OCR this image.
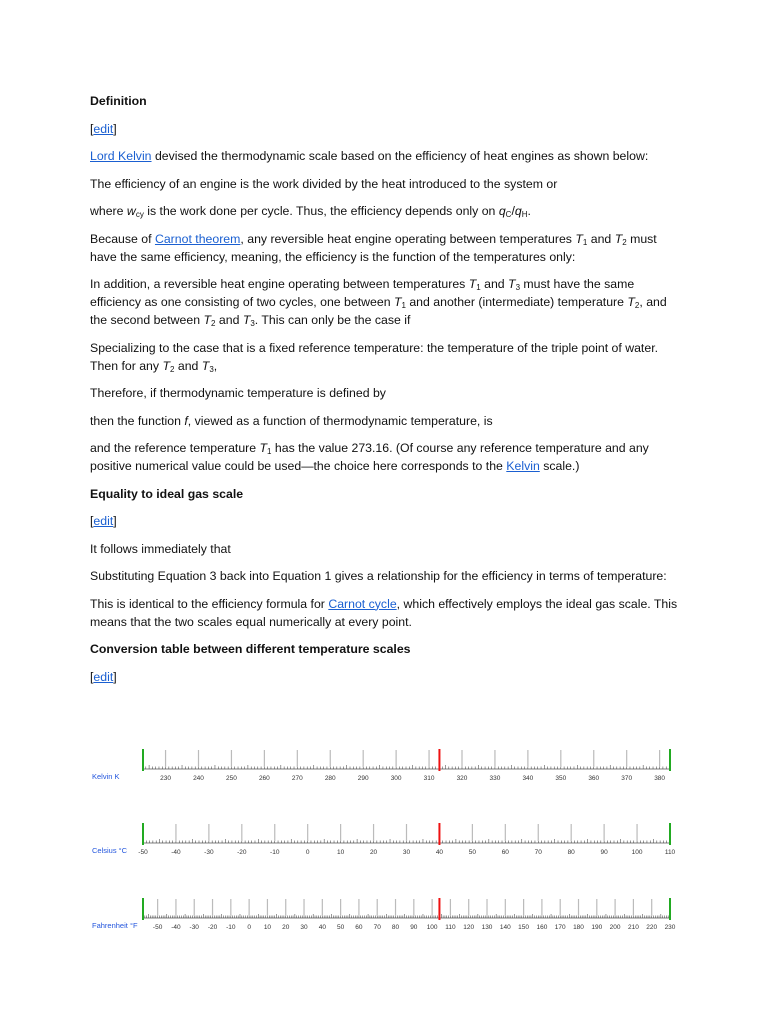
Definition

[edit]

Lord Kelvin devised the thermodynamic scale based on the efficiency of heat engines as shown below:

The efficiency of an engine is the work divided by the heat introduced to the system or

where $w_{cy}$ is the work done per cycle. Thus, the efficiency depends only on $q_C/q_H$.

Because of Carnot theorem, any reversible heat engine operating between temperatures $T_1$ and $T_2$ must have the same efficiency, meaning, the efficiency is the function of the temperatures only:

In addition, a reversible heat engine operating between temperatures $T_1$ and $T_3$ must have the same efficiency as one consisting of two cycles, one between $T_1$ and another (intermediate) temperature $T_2$, and the second between $T_2$ and $T_3$. This can only be the case if

Specializing to the case that is a fixed reference temperature: the temperature of the triple point of water. Then for any $T_2$ and $T_3$,

Therefore, if thermodynamic temperature is defined by

then the function f, viewed as a function of thermodynamic temperature, is

and the reference temperature $T_1$ has the value 273.16. (Of course any reference temperature and any positive numerical value could be used—the choice here corresponds to the Kelvin scale.)

Equality to ideal gas scale

[edit]

It follows immediately that

Substituting Equation 3 back into Equation 1 gives a relationship for the efficiency in terms of temperature:

This is identical to the efficiency formula for Carnot cycle, which effectively employs the ideal gas scale. This means that the two scales equal numerically at every point.

Conversion table between different temperature scales

[edit]

230	240	250	260	270	280	290	300	310	320	330	340	350	360	370	380
Kelvin K
-50	-40	-30	-20	-10	0	10	20	30	40	50	60	70	80	90	100	110
Celsius °C
-50 -40 -30 -20 -10 0 10 20 30 40 50 60 70 80 90 100 110 120 130 140 150 160 170 180 190 200 210 220 230
Fahrenheit °F
